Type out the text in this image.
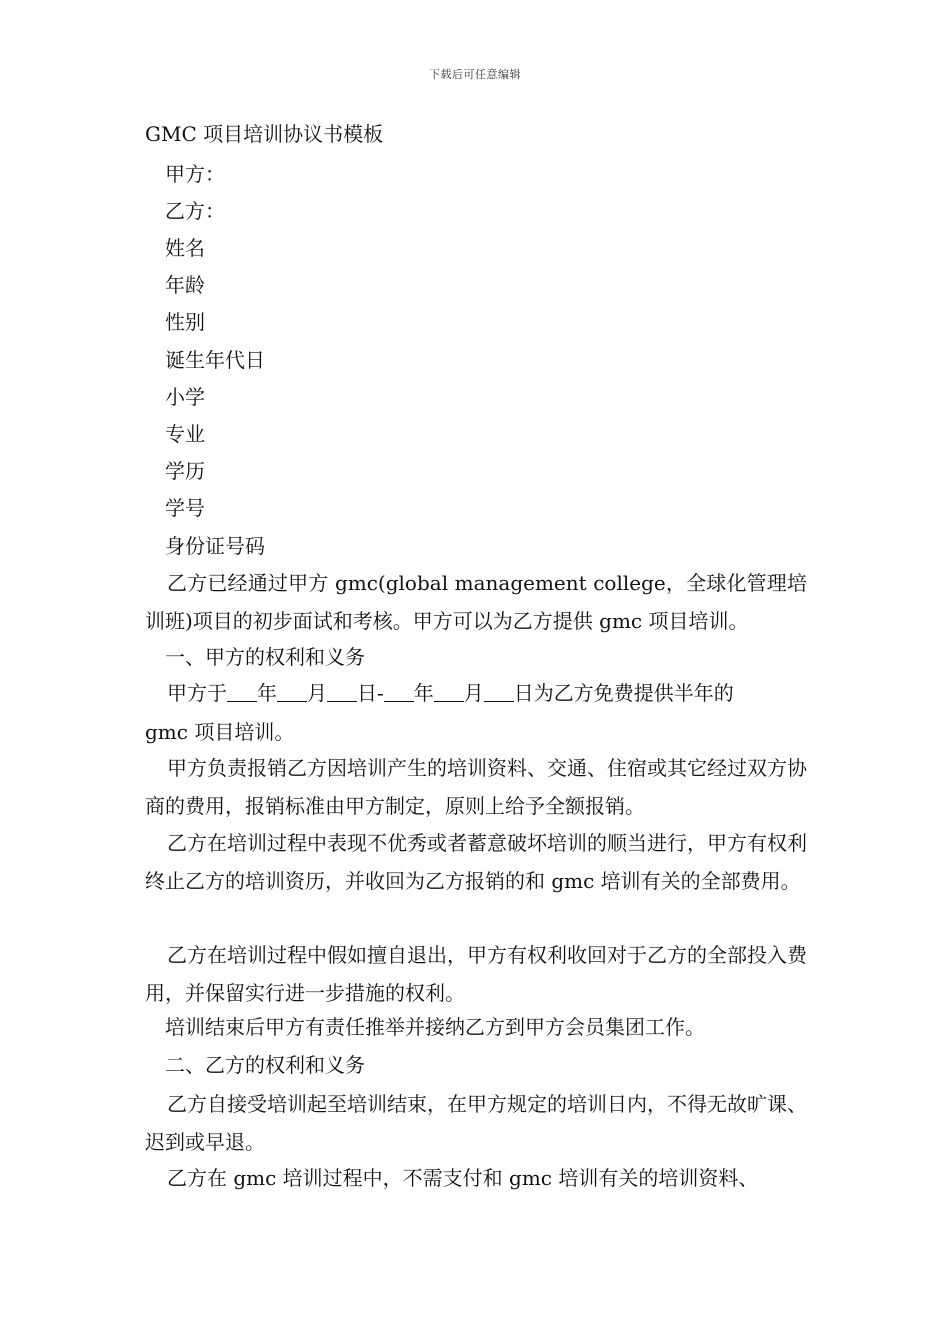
下载后可任意编辑
GMC 项目培训协议书模板
甲方：
乙方：
姓名
年龄
性别
诞生年代日
小学
专业
学历
学号
身份证号码
乙方已经通过甲方 gmc(global management college，全球化管理培训班)项目的初步面试和考核。甲方可以为乙方提供 gmc 项目培训。
一、甲方的权利和义务
甲方于 年 月 日- 年 月 日为乙方免费提供半年的
gmc 项目培训。
甲方负责报销乙方因培训产生的培训资料、交通、住宿或其它经过双方协商的费用，报销标准由甲方制定，原则上给予全额报销。
乙方在培训过程中表现不优秀或者蓄意破坏培训的顺当进行，甲方有权利终止乙方的培训资历，并收回为乙方报销的和 gmc 培训有关的全部费用。
乙方在培训过程中假如擅自退出，甲方有权利收回对于乙方的全部投入费用，并保留实行进一步措施的权利。
培训结束后甲方有责任推举并接纳乙方到甲方会员集团工作。
二、乙方的权利和义务
乙方自接受培训起至培训结束，在甲方规定的培训日内，不得无故旷课、迟到或早退。
乙方在 gmc 培训过程中，不需支付和 gmc 培训有关的培训资料、
